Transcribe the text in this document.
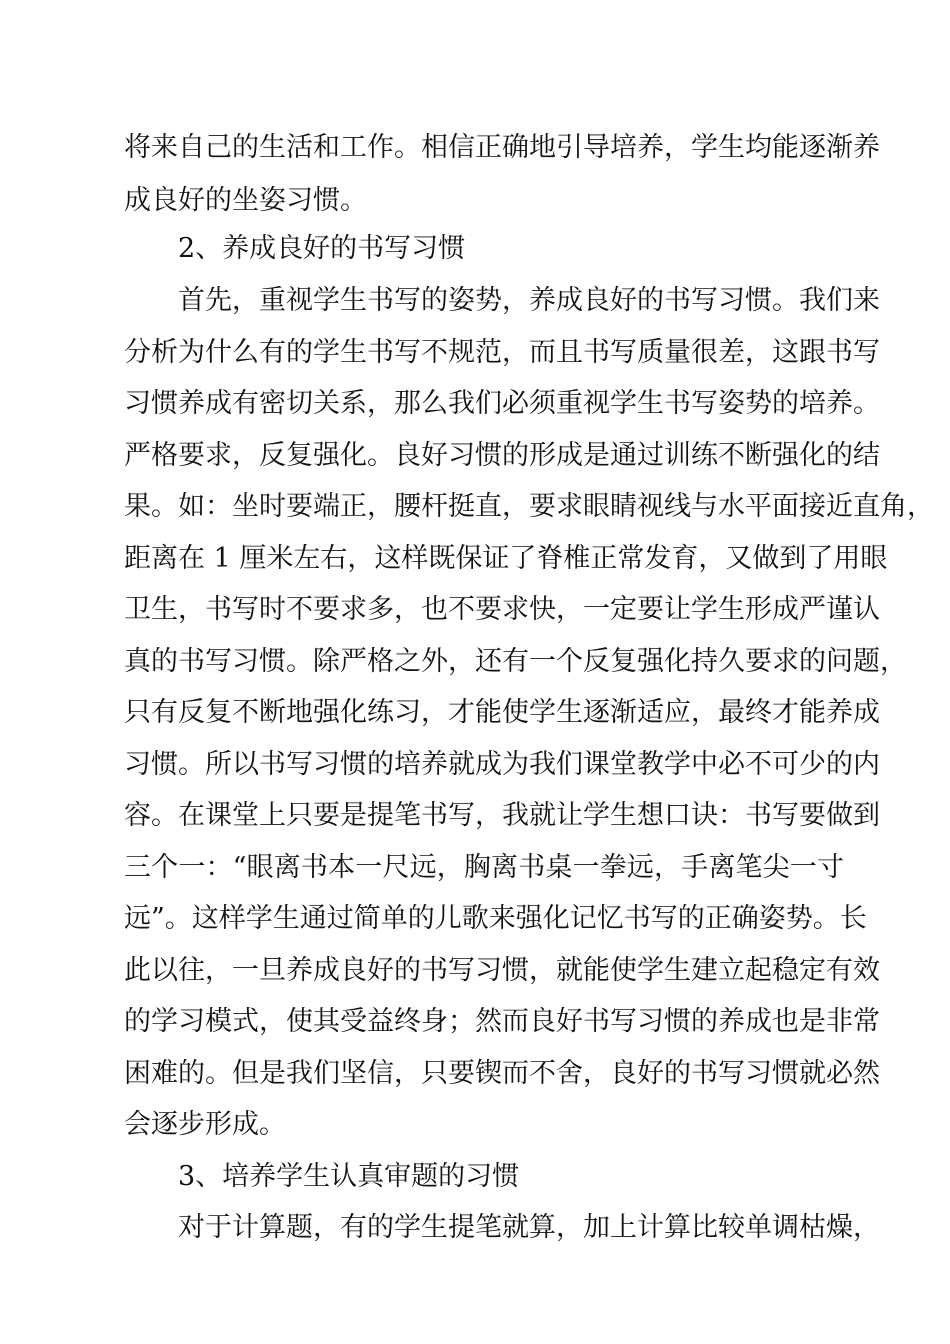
将来自己的生活和工作。相信正确地引导培养，学生均能逐渐养
成良好的坐姿习惯。
2、养成良好的书写习惯
首先，重视学生书写的姿势，养成良好的书写习惯。我们来
分析为什么有的学生书写不规范，而且书写质量很差，这跟书写
习惯养成有密切关系，那么我们必须重视学生书写姿势的培养。
严格要求，反复强化。良好习惯的形成是通过训练不断强化的结
果。如：坐时要端正，腰杆挺直，要求眼睛视线与水平面接近直角，
距离在 1 厘米左右，这样既保证了脊椎正常发育，又做到了用眼
卫生，书写时不要求多，也不要求快，一定要让学生形成严谨认
真的书写习惯。除严格之外，还有一个反复强化持久要求的问题，
只有反复不断地强化练习，才能使学生逐渐适应，最终才能养成
习惯。所以书写习惯的培养就成为我们课堂教学中必不可少的内
容。在课堂上只要是提笔书写，我就让学生想口诀：书写要做到
三个一：“眼离书本一尺远，胸离书桌一拳远，手离笔尖一寸
远”。这样学生通过简单的儿歌来强化记忆书写的正确姿势。长
此以往，一旦养成良好的书写习惯，就能使学生建立起稳定有效
的学习模式，使其受益终身；然而良好书写习惯的养成也是非常
困难的。但是我们坚信，只要锲而不舍，良好的书写习惯就必然
会逐步形成。
3、培养学生认真审题的习惯
对于计算题，有的学生提笔就算，加上计算比较单调枯燥，
